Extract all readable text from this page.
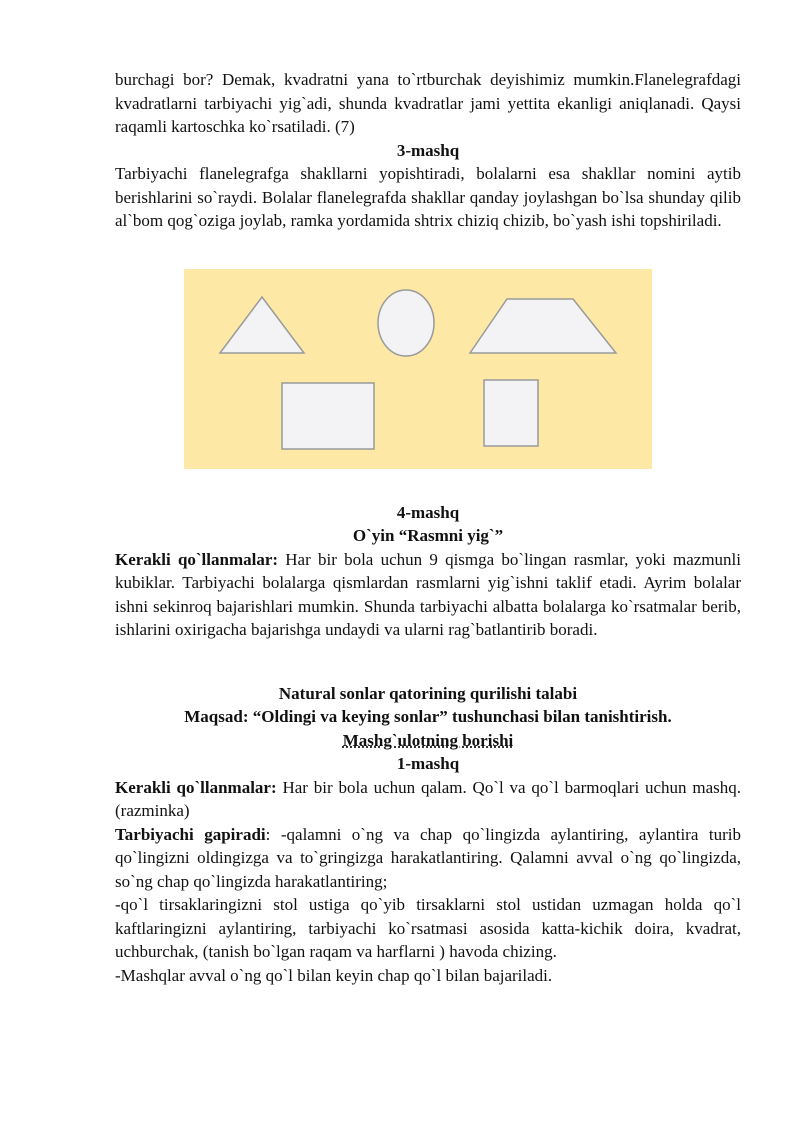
burchagi bor? Demak, kvadratni yana to`rtburchak deyishimiz mumkin.Flanelegrafdagi kvadratlarni tarbiyachi yig`adi, shunda kvadratlar jami yettita ekanligi aniqlanadi. Qaysi raqamli kartoschka ko`rsatiladi. (7)

3-mashq

Tarbiyachi flanelegrafga shakllarni yopishtiradi, bolalarni esa shakllar nomini aytib berishlarini so`raydi. Bolalar flanelegrafda shakllar qanday joylashgan bo`lsa shunday qilib al`bom qog`oziga joylab, ramka yordamida shtrix chiziq chizib, bo`yash ishi topshiriladi.

4-mashq

O`yin “Rasmni yig`”

Kerakli qo`llanmalar: Har bir bola uchun 9 qismga bo`lingan rasmlar, yoki mazmunli kubiklar. Tarbiyachi bolalarga qismlardan rasmlarni yig`ishni taklif etadi. Ayrim bolalar ishni sekinroq bajarishlari mumkin. Shunda tarbiyachi albatta bolalarga ko`rsatmalar berib, ishlarini oxirigacha bajarishga undaydi va ularni rag`batlantirib boradi.

Natural sonlar qatorining qurilishi talabi

Maqsad: “Oldingi va keying sonlar” tushunchasi bilan tanishtirish.

Mashg`ulotning borishi

1-mashq

Kerakli qo`llanmalar: Har bir bola uchun qalam. Qo`l va qo`l barmoqlari uchun mashq.(razminka)

Tarbiyachi gapiradi: -qalamni o`ng va chap qo`lingizda aylantiring, aylantira turib qo`lingizni oldingizga va to`gringizga harakatlantiring. Qalamni avval o`ng qo`lingizda, so`ng chap qo`lingizda harakatlantiring;

-qo`l tirsaklaringizni stol ustiga qo`yib tirsaklarni stol ustidan uzmagan holda qo`l kaftlaringizni aylantiring, tarbiyachi ko`rsatmasi asosida katta-kichik doira, kvadrat, uchburchak, (tanish bo`lgan raqam va harflarni ) havoda chizing.

-Mashqlar avval o`ng qo`l bilan keyin chap qo`l bilan bajariladi.
